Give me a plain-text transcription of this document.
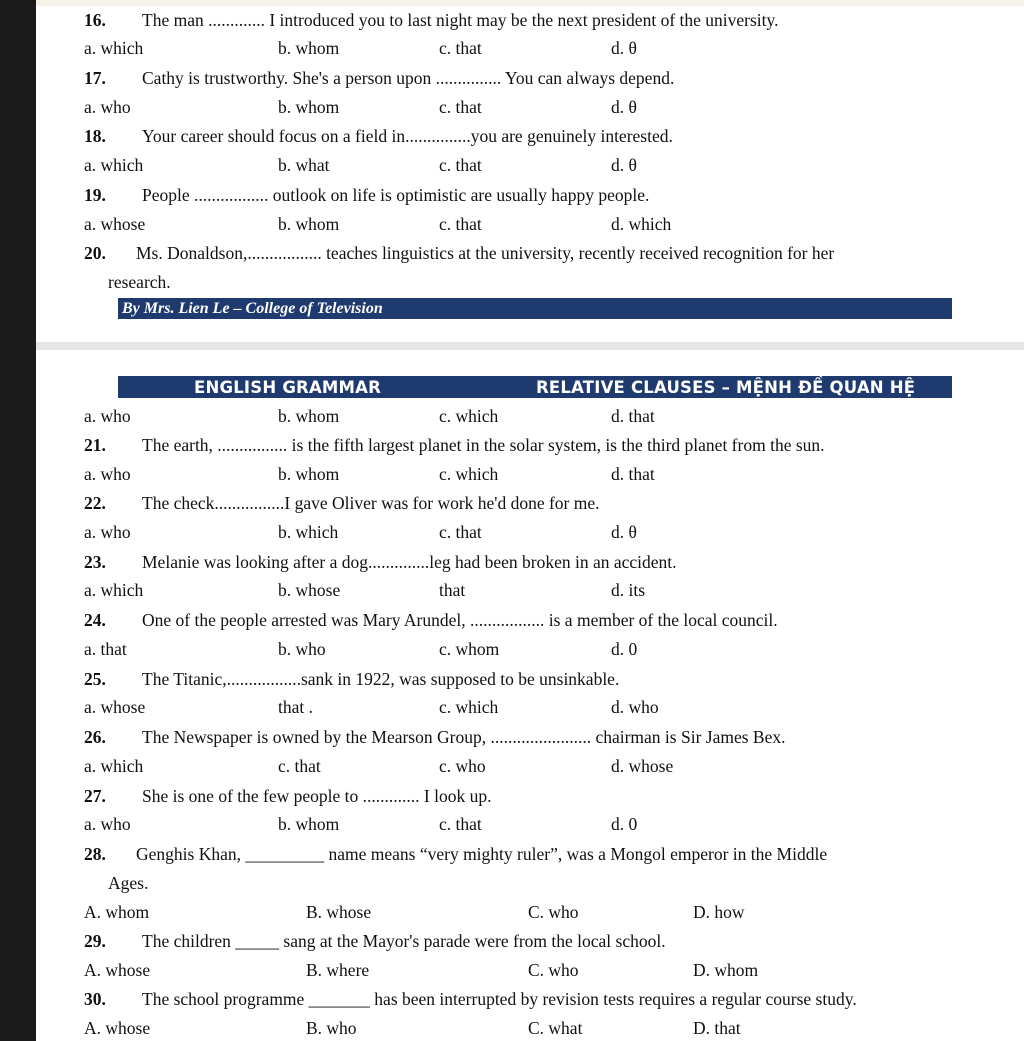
16. The man ............. I introduced you to last night may be the next president of the university.
a. which	b. whom	c. that	d. θ
17. Cathy is trustworthy. She's a person upon ............... You can always depend.
a. who	b. whom	c. that	d. θ
18. Your career should focus on a field in...............you are genuinely interested.
a. which	b. what	c. that	d. θ
19. People ................. outlook on life is optimistic are usually happy people.
a. whose	b. whom	c. that	d. which
20. Ms. Donaldson,................. teaches linguistics at the university, recently received recognition for her
research.
By Mrs. Lien Le – College of Television
ENGLISH GRAMMAR	RELATIVE CLAUSES – MỆNH ĐỀ QUAN HỆ
a. who	b. whom	c. which	d. that
21. The earth, ................ is the fifth largest planet in the solar system, is the third planet from the sun.
a. who	b. whom	c. which	d. that
22. The check................I gave Oliver was for work he'd done for me.
a. who	b. which	c. that	d. θ
23. Melanie was looking after a dog..............leg had been broken in an accident.
a. which	b. whose	that	d. its
24. One of the people arrested was Mary Arundel, ................. is a member of the local council.
a. that	b. who	c. whom	d. 0
25. The Titanic,.................sank in 1922, was supposed to be unsinkable.
a. whose	that .	c. which	d. who
26. The Newspaper is owned by the Mearson Group, ....................... chairman is Sir James Bex.
a. which	c. that	c. who	d. whose
27. She is one of the few people to ............. I look up.
a. who	b. whom	c. that	d. 0
28. Genghis Khan, _________ name means “very mighty ruler”, was a Mongol emperor in the Middle
Ages.
A. whom	B. whose	C. who	D. how
29. The children _____ sang at the Mayor's parade were from the local school.
A. whose	B. where	C. who	D. whom
30. The school programme _______ has been interrupted by revision tests requires a regular course study.
A. whose	B. who	C. what	D. that
